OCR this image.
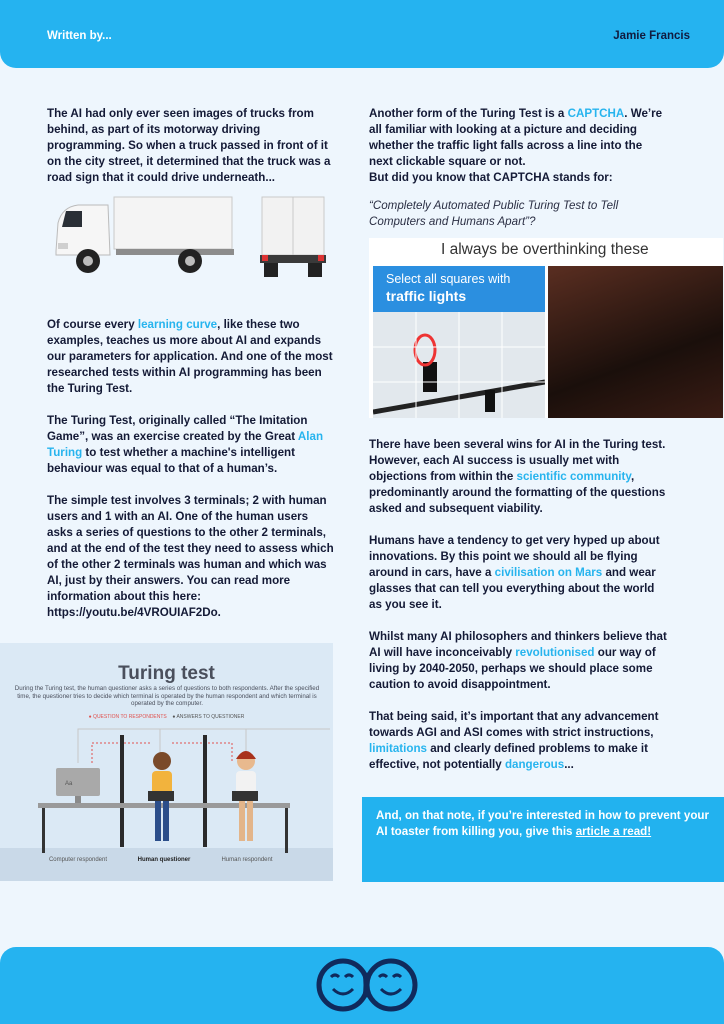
Written by...	Jamie Francis

The AI had only ever seen images of trucks from behind, as part of its motorway driving programming. So when a truck passed in front of it on the city street, it determined that the truck was a road sign that it could drive underneath...

Of course every learning curve, like these two examples, teaches us more about AI and expands our parameters for application. And one of the most researched tests within AI programming has been the Turing Test.

The Turing Test, originally called “The Imitation Game”, was an exercise created by the Great Alan Turing to test whether a machine's intelligent behaviour was equal to that of a human’s.

The simple test involves 3 terminals; 2 with human users and 1 with an AI. One of the human users asks a series of questions to the other 2 terminals, and at the end of the test they need to assess which of the other 2 terminals was human and which was AI, just by their answers. You can read more information about this here: https://youtu.be/4VROUIAF2Do.

Aa
Turing test
During the Turing test, the human questioner asks a series of questions to both respondents. After the specified time, the questioner tries to decide which terminal is operated by the human respondent and which terminal is operated by the computer.
● QUESTION TO RESPONDENTS ● ANSWERS TO QUESTIONER
Computer respondent	Human questioner	Human respondent

Another form of the Turing Test is a CAPTCHA. We’re all familiar with looking at a picture and deciding whether the traffic light falls across a line into the next clickable square or not.
But did you know that CAPTCHA stands for:

“Completely Automated Public Turing Test to Tell Computers and Humans Apart”?

I always be overthinking these
Select all squares with
traffic lights

There have been several wins for AI in the Turing test. However, each AI success is usually met with objections from within the scientific community, predominantly around the formatting of the questions asked and subsequent viability.

Humans have a tendency to get very hyped up about innovations. By this point we should all be flying around in cars, have a civilisation on Mars and wear glasses that can tell you everything about the world as you see it.

Whilst many AI philosophers and thinkers believe that AI will have inconceivably revolutionised our way of living by 2040-2050, perhaps we should place some caution to avoid disappointment.

That being said, it’s important that any advancement towards AGI and ASI comes with strict instructions, limitations and clearly defined problems to make it effective, not potentially dangerous...

And, on that note, if you’re interested in how to prevent your AI toaster from killing you, give this article a read!
